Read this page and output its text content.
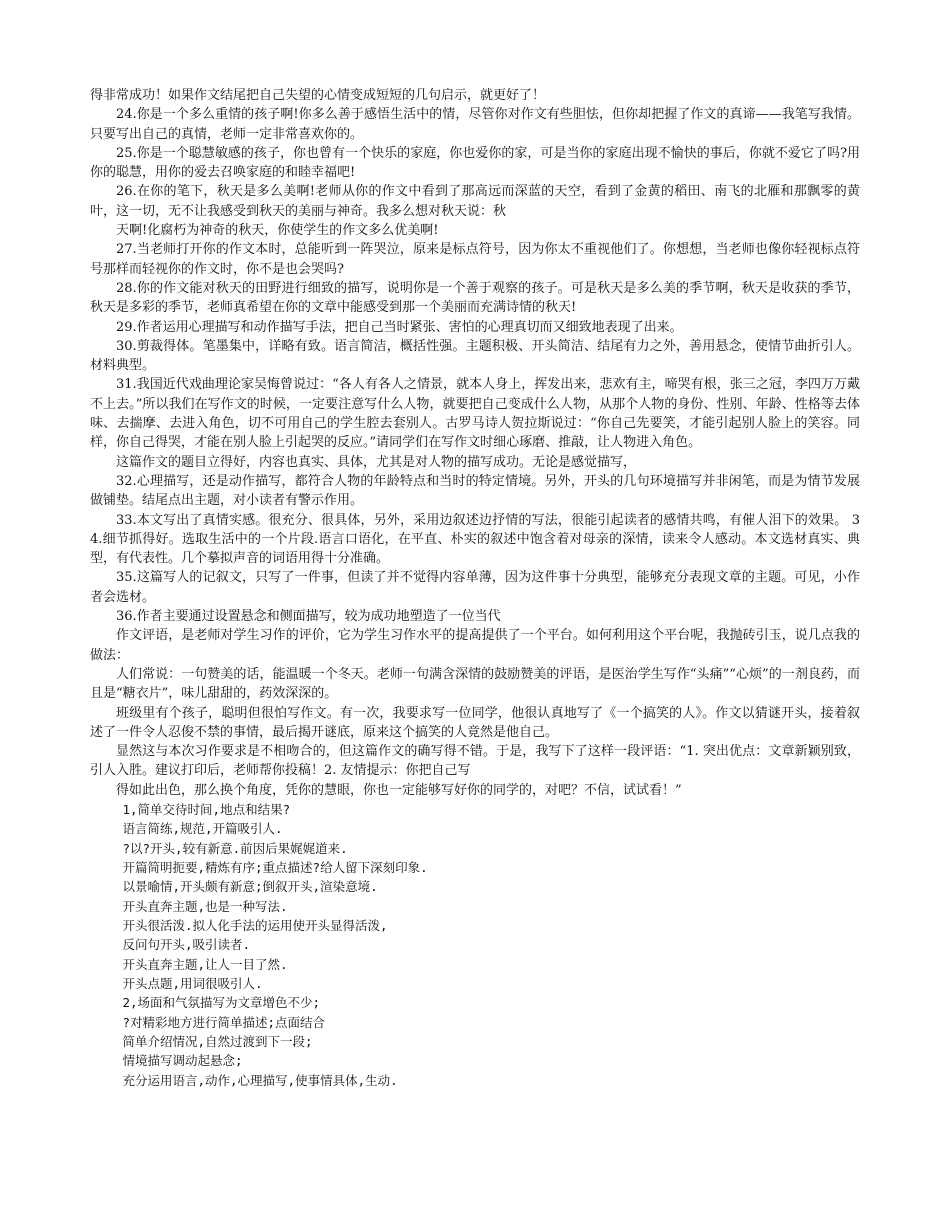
得非常成功！如果作文结尾把自己失望的心情变成短短的几句启示，就更好了！

24.你是一个多么重情的孩子啊!你多么善于感悟生活中的情，尽管你对作文有些胆怯，但你却把握了作文的真谛——我笔写我情。只要写出自己的真情，老师一定非常喜欢你的。

25.你是一个聪慧敏感的孩子，你也曾有一个快乐的家庭，你也爱你的家，可是当你的家庭出现不愉快的事后，你就不爱它了吗?用你的聪慧，用你的爱去召唤家庭的和睦幸福吧!

26.在你的笔下，秋天是多么美啊!老师从你的作文中看到了那高远而深蓝的天空，看到了金黄的稻田、南飞的北雁和那飘零的黄叶，这一切，无不让我感受到秋天的美丽与神奇。我多么想对秋天说：秋

天啊!化腐朽为神奇的秋天，你使学生的作文多么优美啊!

27.当老师打开你的作文本时，总能听到一阵哭泣，原来是标点符号，因为你太不重视他们了。你想想，当老师也像你轻视标点符号那样而轻视你的作文时，你不是也会哭吗?

28.你的作文能对秋天的田野进行细致的描写，说明你是一个善于观察的孩子。可是秋天是多么美的季节啊，秋天是收获的季节，秋天是多彩的季节，老师真希望在你的文章中能感受到那一个美丽而充满诗情的秋天!

29.作者运用心理描写和动作描写手法，把自己当时紧张、害怕的心理真切而又细致地表现了出来。

30.剪裁得体。笔墨集中，详略有致。语言简洁，概括性强。主题积极、开头简洁、结尾有力之外，善用悬念，使情节曲折引人。材料典型。

31.我国近代戏曲理论家吴悔曾说过：“各人有各人之情景，就本人身上，挥发出来，悲欢有主，啼哭有根，张三之冠，李四万万戴不上去。”所以我们在写作文的时候，一定要注意写什么人物，就要把自己变成什么人物，从那个人物的身份、性别、年龄、性格等去体味、去揣摩、去进入角色，切不可用自己的学生腔去套别人。古罗马诗人贺拉斯说过：“你自己先要笑，才能引起别人脸上的笑容。同样，你自己得哭，才能在别人脸上引起哭的反应。”请同学们在写作文时细心琢磨、推敲，让人物进入角色。

这篇作文的题目立得好，内容也真实、具体，尤其是对人物的描写成功。无论是感觉描写，

32.心理描写，还是动作描写，都符合人物的年龄特点和当时的特定情境。另外，开头的几句环境描写并非闲笔，而是为情节发展做铺垫。结尾点出主题，对小读者有警示作用。

33.本文写出了真情实感。很充分、很具体，另外，采用边叙述边抒情的写法，很能引起读者的感情共鸣，有催人泪下的效果。 34.细节抓得好。选取生活中的一个片段.语言口语化，在平直、朴实的叙述中饱含着对母亲的深情，读来令人感动。本文选材真实、典型，有代表性。几个摹拟声音的词语用得十分准确。

35.这篇写人的记叙文，只写了一件事，但读了并不觉得内容单薄，因为这件事十分典型，能够充分表现文章的主题。可见，小作者会选材。

36.作者主要通过设置悬念和侧面描写，较为成功地塑造了一位当代

作文评语，是老师对学生习作的评价，它为学生习作水平的提高提供了一个平台。如何利用这个平台呢，我抛砖引玉，说几点我的做法：

人们常说：一句赞美的话，能温暖一个冬天。老师一句满含深情的鼓励赞美的评语，是医治学生写作“头痛”“心烦”的一剂良药，而且是“糖衣片”，味儿甜甜的，药效深深的。

班级里有个孩子，聪明但很怕写作文。有一次，我要求写一位同学，他很认真地写了《一个搞笑的人》。作文以猜谜开头，接着叙述了一件令人忍俊不禁的事情，最后揭开谜底，原来这个搞笑的人竟然是他自己。

显然这与本次习作要求是不相吻合的，但这篇作文的确写得不错。于是，我写下了这样一段评语：“1. 突出优点：文章新颖别致，引人入胜。建议打印后，老师帮你投稿！2. 友情提示：你把自己写

得如此出色，那么换个角度，凭你的慧眼，你也一定能够写好你的同学的，对吧？不信，试试看！”

1,简单交待时间,地点和结果?

语言简练,规范,开篇吸引人.

?以?开头,较有新意.前因后果娓娓道来.

开篇简明扼要,精炼有序;重点描述?给人留下深刻印象.

以景喻情,开头颇有新意;倒叙开头,渲染意境.

开头直奔主题,也是一种写法.

开头很活泼.拟人化手法的运用使开头显得活泼,

反问句开头,吸引读者.

开头直奔主题,让人一目了然.

开头点题,用词很吸引人.

2,场面和气氛描写为文章增色不少;

?对精彩地方进行简单描述;点面结合

简单介绍情况,自然过渡到下一段;

情境描写调动起悬念;

充分运用语言,动作,心理描写,使事情具体,生动.
